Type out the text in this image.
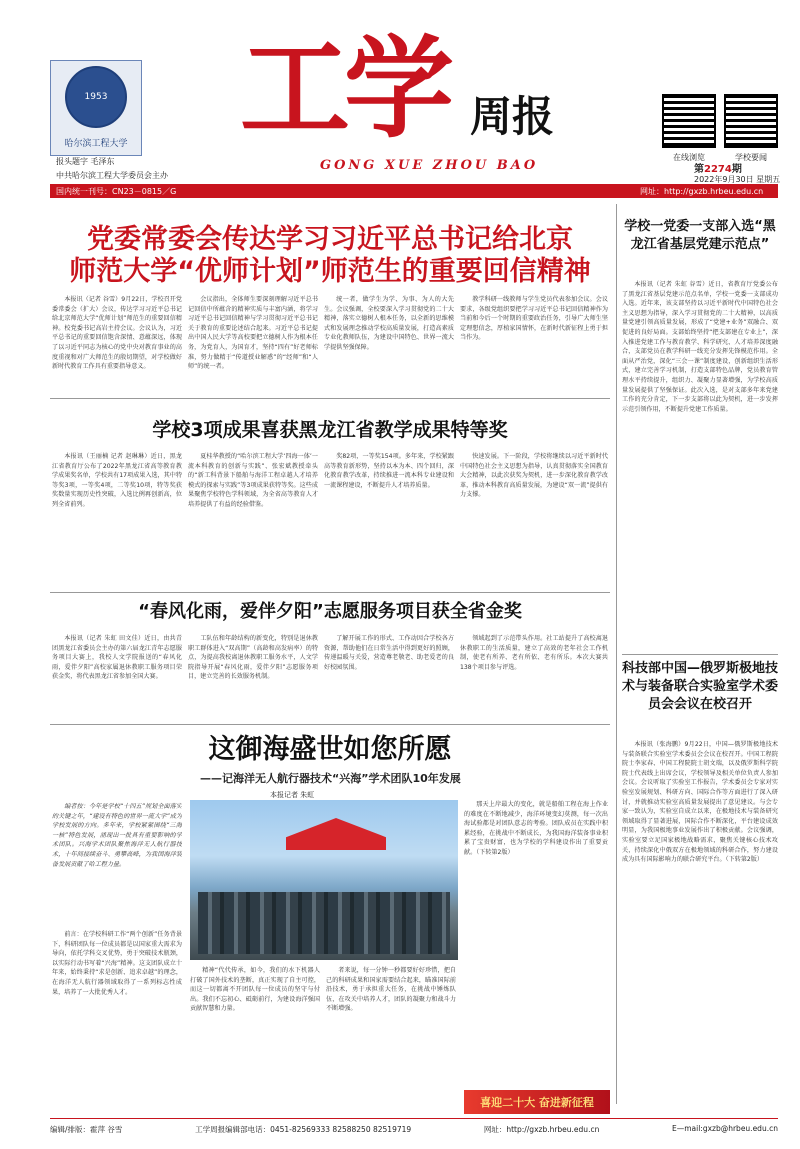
1953
哈尔滨工程大学
报头题字 毛泽东
中共哈尔滨工程大学委员会主办
工学 周报
GONG XUE ZHOU BAO
在线浏览	学校要闻
第2274期
2022年9月30日 星期五
国内统一刊号：CN23－0815／G	网址：http://gxzb.hrbeu.edu.cn
党委常委会传达学习习近平总书记给北京
师范大学“优师计划”师范生的重要回信精神

本报讯（记者 谷雪）9月22日，学校召开党委常委会（扩大）会议，传达学习习近平总书记给北京师范大学“优师计划”师范生的重要回信精神。校党委书记高岩主持会议。会议认为，习近平总书记的重要回信饱含深情、意蕴深远，体现了以习近平同志为核心的党中央对教育事业的高度重视和对广大师范生的殷切期望，对学校做好新时代教育工作具有重要指导意义。

会议指出，全体师生要深刻理解习近平总书记回信中所蕴含的精神实质与丰富内涵，将学习习近平总书记回信精神与学习贯彻习近平总书记关于教育的重要论述结合起来。习近平总书记提出中国人民大学等高校要把立德树人作为根本任务，为党育人，为国育才，坚持“四有”好老师标准，努力做精于“传道授业解惑”的“经师”和“人师”的统一者。

统一者，做学生为学、为事、为人的大先生。会议强调，全校要深入学习贯彻党的二十大精神，落实立德树人根本任务，以全新的思维模式和发展理念推动学校高质量发展，打造高素质专业化教师队伍，为建设中国特色、世界一流大学提供坚强保障。

教学科研一线教师与学生党员代表参加会议。会议要求，各级党组织要把学习习近平总书记回信精神作为当前和今后一个时期的重要政治任务，引导广大师生坚定理想信念，厚植家国情怀，在新时代新征程上勇于担当作为。

学校3项成果喜获黑龙江省教学成果特等奖

本报讯（王丽楠 记者 赵琳琳）近日，黑龙江省教育厅公布了2022年黑龙江省高等教育教学成果奖名单，学校共有17项成果入选，其中特等奖3项，一等奖4项，二等奖10项，特等奖获奖数量实现历史性突破，入选比例再创新高，位列全省前列。

夏桂华教授的“哈尔滨工程大学‘四海一体’一流本科教育的创新与实践”、张宏斌教授牵头的“新工科背景下船舶与海洋工程卓越人才培养模式的探索与实践”等3项成果获特等奖。这些成果聚焦学校特色学科领域，为全省高等教育人才培养提供了有益的经验借鉴。

奖82项，一等奖154项。多年来，学校紧跟高等教育新形势，坚持以本为本、四个回归，深化教育教学改革，持续推进一流本科专业建设和一流课程建设，不断提升人才培养质量。

快速发展。下一阶段，学校将继续以习近平新时代中国特色社会主义思想为指导，认真贯彻落实全国教育大会精神，以此次获奖为契机，进一步深化教育教学改革，推动本科教育高质量发展，为建设“双一流”提供有力支撑。

“春风化雨，爱伴夕阳”志愿服务项目获全省金奖

本报讯（记者 朱虹 田文佳）近日，由共青团黑龙江省委员会主办的第六届龙江青年志愿服务项目大赛上，我校人文学院报送的“春风化雨，爱伴夕阳”高校家属退休教职工服务项目荣获金奖，将代表黑龙江省参加全国大赛。

工队伍和年龄结构的新变化，特别是退休教职工群体进入“双高期”（高龄和高发病率）的特点，为提高我校离退休教职工服务水平，人文学院指导开展“春风化雨，爱伴夕阳”志愿服务项目，建立完善的长效服务机制。

了解开展工作的形式、工作动因合学校各方资源，帮助他们在日常生活中得到更好的照顾，传递温暖与关爱，营造尊老敬老、助老爱老的良好校园氛围。

领域起到了示范带头作用。社工站提升了高校离退休教职工的生活质量，建立了高效的老年社会工作机制，使老有所养、老有所依、老有所乐。本次大赛共138个项目参与评选。

这御海盛世如您所愿
——记海洋无人航行器技术“兴海”学术团队10年发展
本报记者 朱虹

编者按：今年是学校“十四五”规划全面落实的关键之年，“建设有特色的世界一流大学”成为学校发展的方向。多年来，学校紧紧围绕“三海一核”特色发展，涌现出一批具有重要影响的学术团队。兴海学术团队聚焦海洋无人航行器技术，十年间接续奋斗、勇攀高峰，为我国海洋装备发展贡献了哈工程力量。

前言：在学校科研工作“两个创新”任务背景下，科研团队每一位成员都是以国家重大需求为导向，依托学科交叉优势，勇于突破技术瓶颈，以实际行动书写着“兴海”精神。这支团队成立十年来，始终秉持“求是创新、追求卓越”的理念，在海洋无人航行器领域取得了一系列标志性成果，培养了一大批优秀人才。

精神“代代传承，如今，我们的水下机器人打破了国外技术的垄断，真正实现了自主可控，而这一切都离不开团队每一位成员的坚守与付出。我们不忘初心、砥砺前行，为建设海洋强国贡献智慧和力量。

者来说，每一分钟一秒都要好好珍惜，把自己的科研成果和国家需要结合起来，瞄准国际前沿技术，勇于承担重大任务，在挑战中锤炼队伍，在攻关中培养人才，团队的凝聚力和战斗力不断增强。

那天上岸最大的变化，就是船舶工程在海上作业的难度在不断地减少，海洋环境变幻莫测，每一次出海试验都是对团队意志的考验。团队成员在实践中积累经验，在挑战中不断成长，为我国海洋装备事业积累了宝贵财富，也为学校的学科建设作出了重要贡献。（下转第2版）

学校一党委一支部入选“黑龙江省基层党建示范点”

本报讯（记者 朱虹 谷雪）近日，省教育厅党委公布了黑龙江省基层党建示范点名单，学校一党委一支部成功入选。近年来，该支部坚持以习近平新时代中国特色社会主义思想为指导，深入学习贯彻党的二十大精神，以高质量党建引领高质量发展，形成了“党建+业务”双融合、双促进的良好局面。支部始终坚持“把支部建在专业上”，深入推进党建工作与教育教学、科学研究、人才培养深度融合，支部党员在教学科研一线充分发挥先锋模范作用。全面从严治党，深化“三会一课”制度建设，创新组织生活形式，建立完善学习机制，打造支部特色品牌，党员教育管理水平持续提升，组织力、凝聚力显著增强，为学校高质量发展提供了坚强保证。此次入选，是对支部多年来党建工作的充分肯定，下一步支部将以此为契机，进一步发挥示范引领作用，不断提升党建工作质量。

科技部中国—俄罗斯极地技术与装备联合实验室学术委员会会议在校召开

本报讯（张海鹏）9月22日，中国—俄罗斯极地技术与装备联合实验室学术委员会会议在校召开。中国工程院院士李家春、中国工程院院士胡文瑞，以及俄罗斯科学院院士代表线上出席会议，学校领导及相关单位负责人参加会议。会议听取了实验室工作报告，学术委员会专家对实验室发展规划、科研方向、国际合作等方面进行了深入研讨，并就推动实验室高质量发展提出了意见建议。与会专家一致认为，实验室自成立以来，在极地技术与装备研究领域取得了显著进展，国际合作不断深化，平台建设成效明显，为我国极地事业发展作出了积极贡献。会议强调，实验室要立足国家极地战略需求，聚焦关键核心技术攻关，持续深化中俄双方在极地领域的科研合作，努力建设成为具有国际影响力的联合研究平台。（下转第2版）

喜迎二十大 奋进新征程
编辑/排版：霍萍 谷雪	工学周报编辑部电话：0451-82569333 82588250 82519719	网址：http://gxzb.hrbeu.edu.cn	E—mail:gxzb@hrbeu.edu.cn
